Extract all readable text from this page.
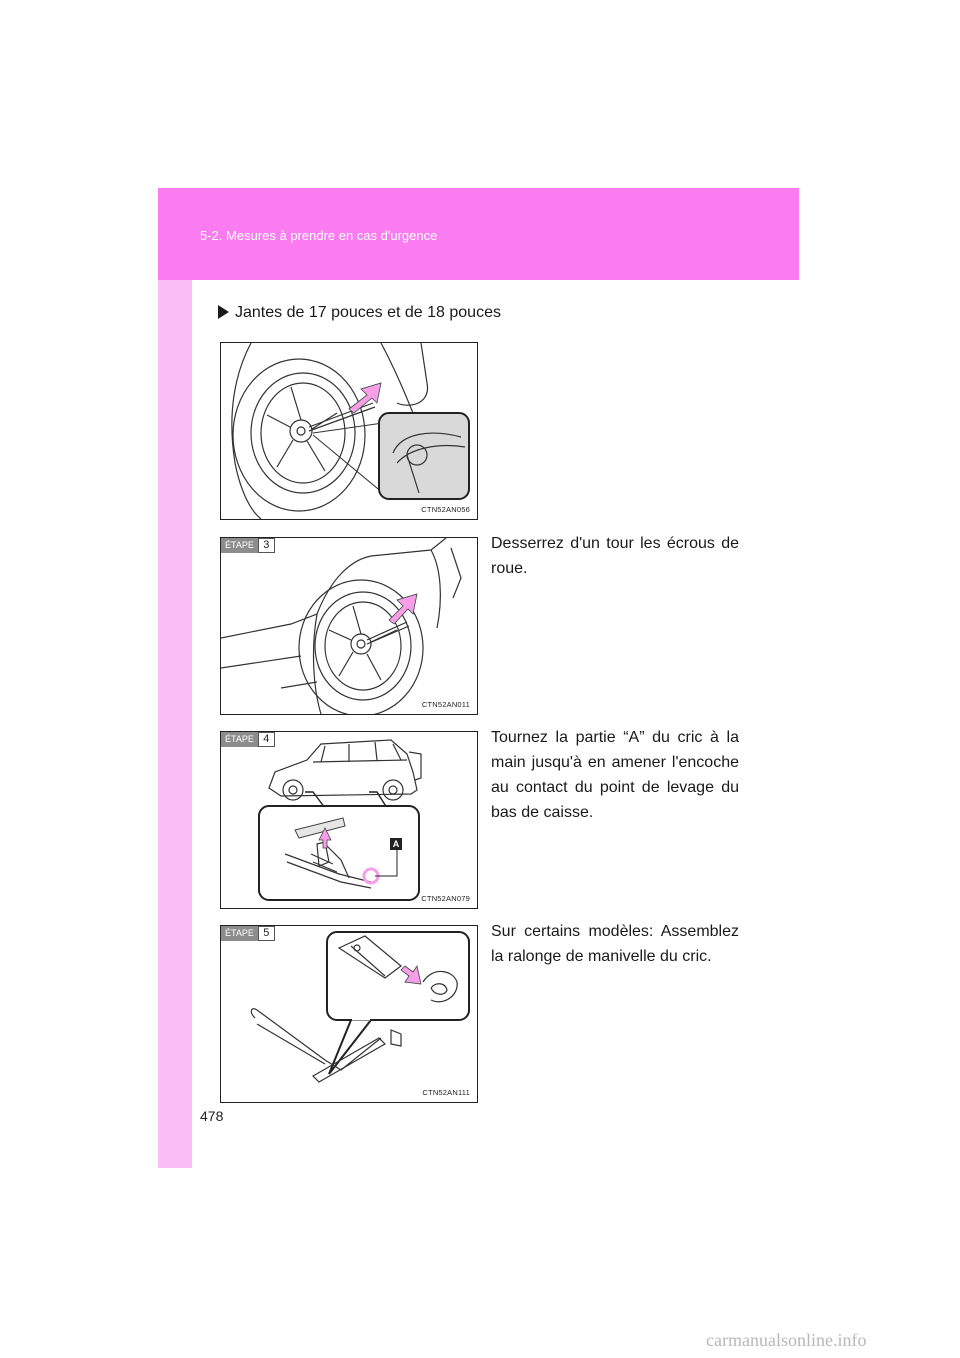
5-2. Mesures à prendre en cas d'urgence
Jantes de 17 pouces et de 18 pouces
CTN52AN056
ÉTAPE 3
CTN52AN011
Desserrez d'un tour les écrous de roue.
A
ÉTAPE 4
CTN52AN079
Tournez la partie “A” du cric à la main jusqu'à en amener l'encoche au contact du point de levage du bas de caisse.
ÉTAPE 5
CTN52AN111
Sur certains modèles: Assemblez la ralonge de manivelle du cric.
478
carmanualsonline.info
